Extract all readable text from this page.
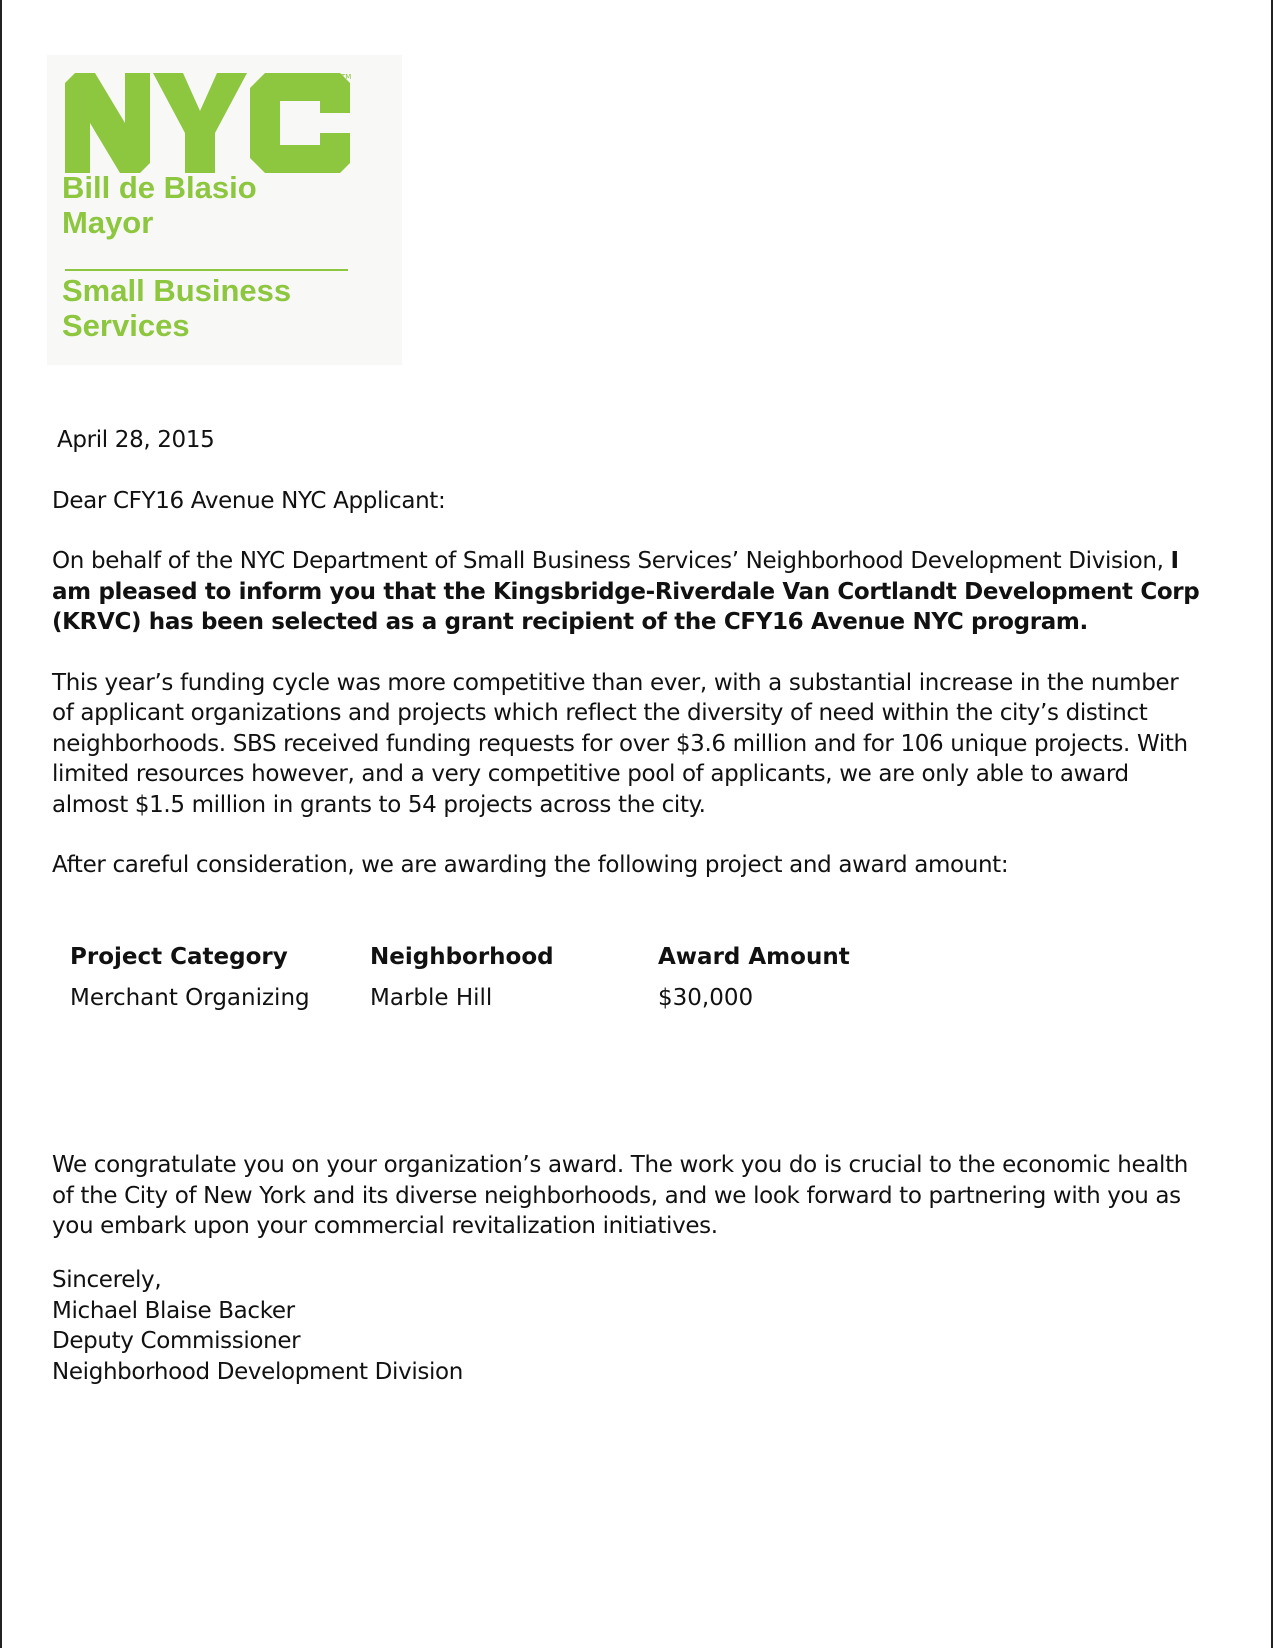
TM
Bill de Blasio
Mayor
Small Business
Services

April 28, 2015

Dear CFY16 Avenue NYC Applicant:

On behalf of the NYC Department of Small Business Services’ Neighborhood Development Division, I am pleased to inform you that the Kingsbridge-Riverdale Van Cortlandt Development Corp (KRVC) has been selected as a grant recipient of the CFY16 Avenue NYC program.

This year’s funding cycle was more competitive than ever, with a substantial increase in the number of applicant organizations and projects which reflect the diversity of need within the city’s distinct neighborhoods. SBS received funding requests for over $3.6 million and for 106 unique projects. With limited resources however, and a very competitive pool of applicants, we are only able to award almost $1.5 million in grants to 54 projects across the city.

After careful consideration, we are awarding the following project and award amount:

Project Category	Neighborhood	Award Amount
Merchant Organizing	Marble Hill	$30,000

We congratulate you on your organization’s award. The work you do is crucial to the economic health of the City of New York and its diverse neighborhoods, and we look forward to partnering with you as you embark upon your commercial revitalization initiatives.

Sincerely,
Michael Blaise Backer
Deputy Commissioner
Neighborhood Development Division
